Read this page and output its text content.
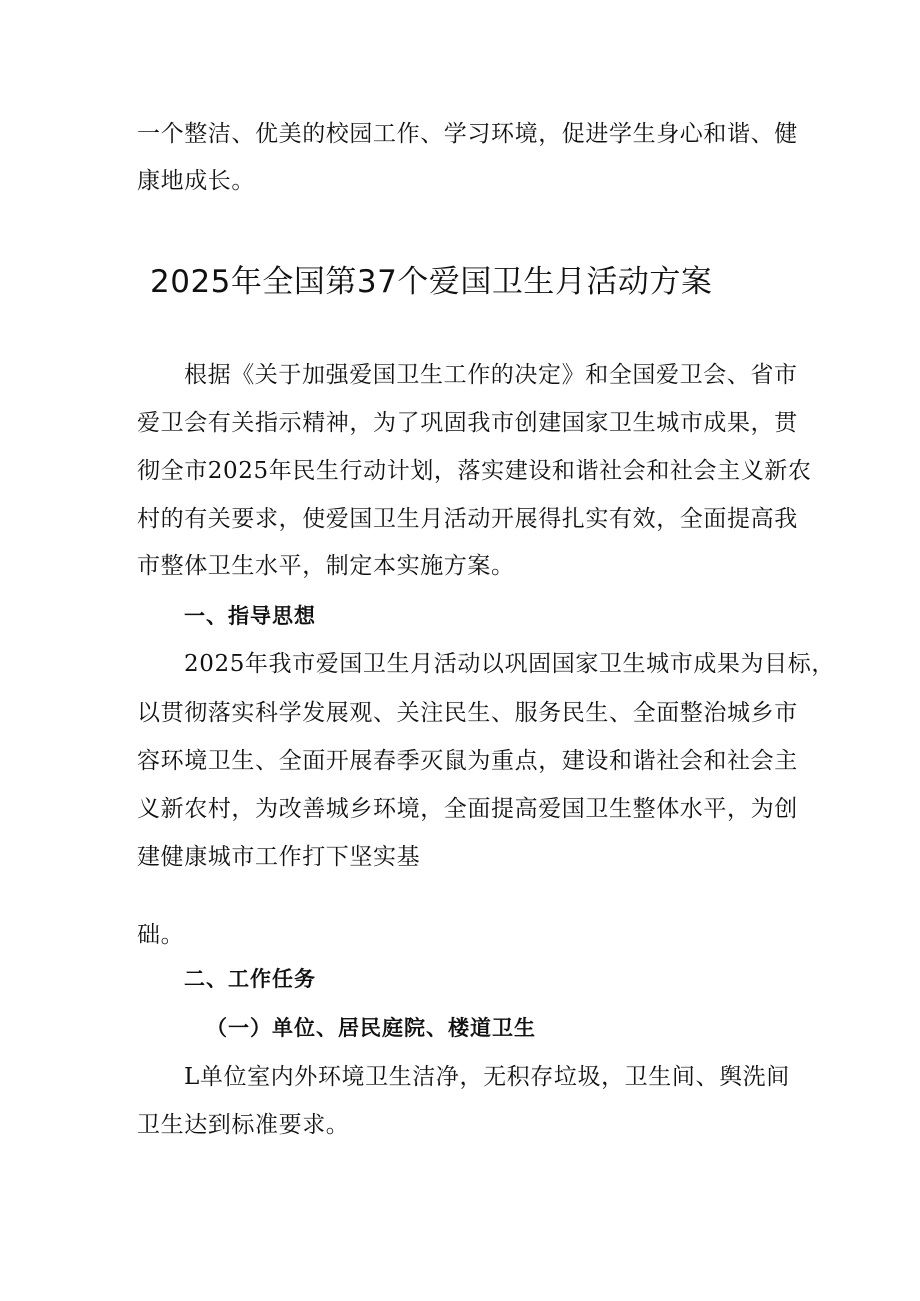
一个整洁、优美的校园工作、学习环境，促进学生身心和谐、健
康地成长。
2025年全国第37个爱国卫生月活动方案
根据《关于加强爱国卫生工作的决定》和全国爱卫会、省市
爱卫会有关指示精神，为了巩固我市创建国家卫生城市成果，贯
彻全市2025年民生行动计划，落实建设和谐社会和社会主义新农
村的有关要求，使爱国卫生月活动开展得扎实有效，全面提高我
市整体卫生水平，制定本实施方案。
一、指导思想
2025年我市爱国卫生月活动以巩固国家卫生城市成果为目标，
以贯彻落实科学发展观、关注民生、服务民生、全面整治城乡市
容环境卫生、全面开展春季灭鼠为重点，建设和谐社会和社会主
义新农村，为改善城乡环境，全面提高爱国卫生整体水平，为创
建健康城市工作打下坚实基
础。
二、工作任务
（一）单位、居民庭院、楼道卫生
L单位室内外环境卫生洁净，无积存垃圾，卫生间、舆洗间
卫生达到标准要求。
